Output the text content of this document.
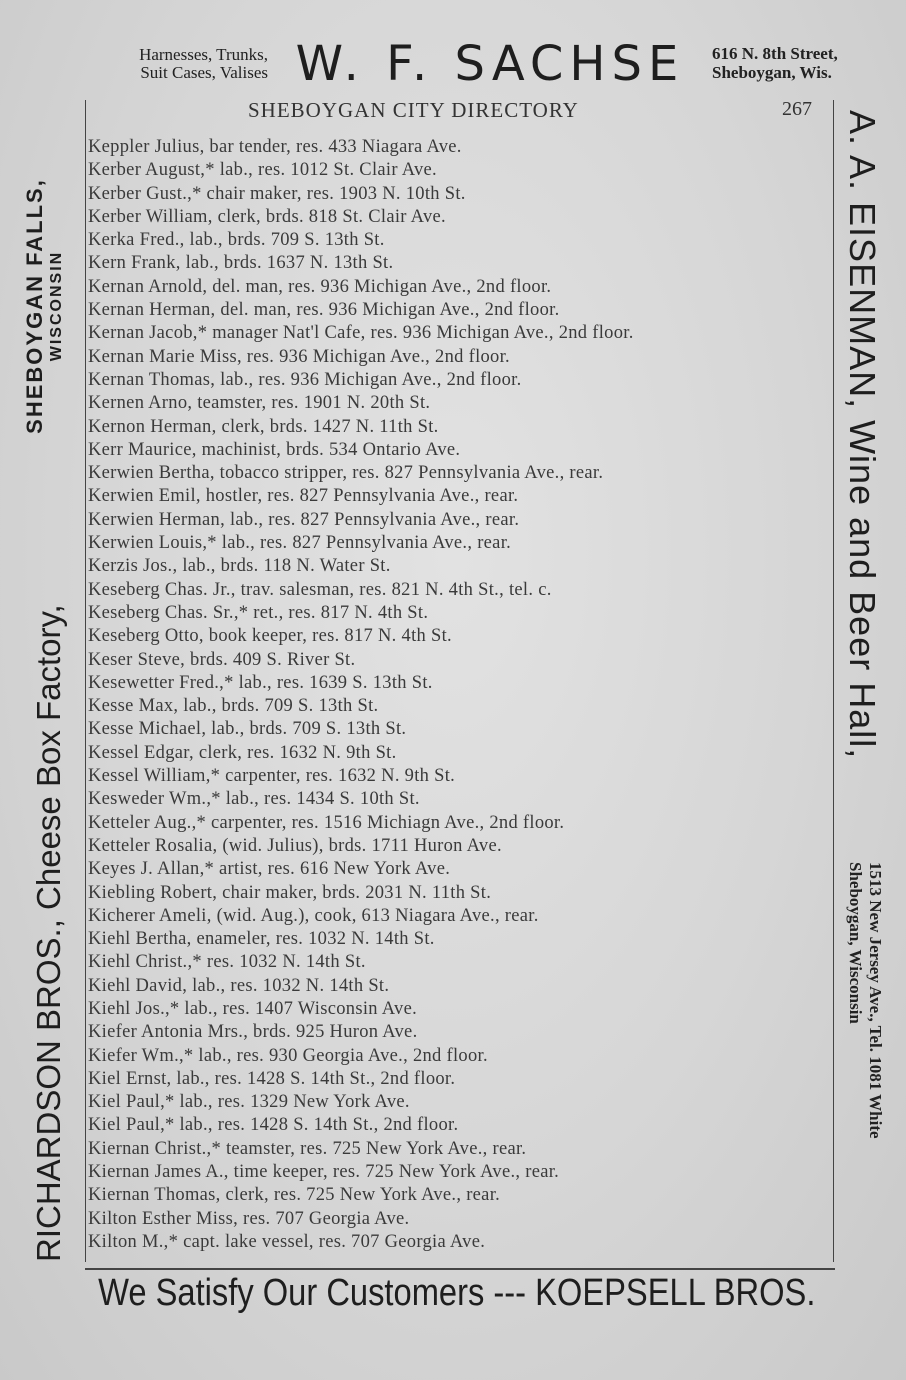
Harnesses, Trunks,
Suit Cases, Valises W. F. SACHSE	616 N. 8th Street,
Sheboygan, Wis.
SHEBOYGAN CITY DIRECTORY	267
RICHARDSON BROS., Cheese Box Factory,
SHEBOYGAN FALLS, WISCONSIN	A. A. EISENMAN, Wine and Beer Hall,
1513 New Jersey Ave., Tel. 1081 White
Sheboygan, Wisconsin
Keppler Julius, bar tender, res. 433 Niagara Ave.
Kerber August,* lab., res. 1012 St. Clair Ave.
Kerber Gust.,* chair maker, res. 1903 N. 10th St.
Kerber William, clerk, brds. 818 St. Clair Ave.
Kerka Fred., lab., brds. 709 S. 13th St.
Kern Frank, lab., brds. 1637 N. 13th St.
Kernan Arnold, del. man, res. 936 Michigan Ave., 2nd floor.
Kernan Herman, del. man, res. 936 Michigan Ave., 2nd floor.
Kernan Jacob,* manager Nat'l Cafe, res. 936 Michigan Ave., 2nd floor.
Kernan Marie Miss, res. 936 Michigan Ave., 2nd floor.
Kernan Thomas, lab., res. 936 Michigan Ave., 2nd floor.
Kernen Arno, teamster, res. 1901 N. 20th St.
Kernon Herman, clerk, brds. 1427 N. 11th St.
Kerr Maurice, machinist, brds. 534 Ontario Ave.
Kerwien Bertha, tobacco stripper, res. 827 Pennsylvania Ave., rear.
Kerwien Emil, hostler, res. 827 Pennsylvania Ave., rear.
Kerwien Herman, lab., res. 827 Pennsylvania Ave., rear.
Kerwien Louis,* lab., res. 827 Pennsylvania Ave., rear.
Kerzis Jos., lab., brds. 118 N. Water St.
Keseberg Chas. Jr., trav. salesman, res. 821 N. 4th St., tel. c.
Keseberg Chas. Sr.,* ret., res. 817 N. 4th St.
Keseberg Otto, book keeper, res. 817 N. 4th St.
Keser Steve, brds. 409 S. River St.
Kesewetter Fred.,* lab., res. 1639 S. 13th St.
Kesse Max, lab., brds. 709 S. 13th St.
Kesse Michael, lab., brds. 709 S. 13th St.
Kessel Edgar, clerk, res. 1632 N. 9th St.
Kessel William,* carpenter, res. 1632 N. 9th St.
Kesweder Wm.,* lab., res. 1434 S. 10th St.
Ketteler Aug.,* carpenter, res. 1516 Michiagn Ave., 2nd floor.
Ketteler Rosalia, (wid. Julius), brds. 1711 Huron Ave.
Keyes J. Allan,* artist, res. 616 New York Ave.
Kiebling Robert, chair maker, brds. 2031 N. 11th St.
Kicherer Ameli, (wid. Aug.), cook, 613 Niagara Ave., rear.
Kiehl Bertha, enameler, res. 1032 N. 14th St.
Kiehl Christ.,* res. 1032 N. 14th St.
Kiehl David, lab., res. 1032 N. 14th St.
Kiehl Jos.,* lab., res. 1407 Wisconsin Ave.
Kiefer Antonia Mrs., brds. 925 Huron Ave.
Kiefer Wm.,* lab., res. 930 Georgia Ave., 2nd floor.
Kiel Ernst, lab., res. 1428 S. 14th St., 2nd floor.
Kiel Paul,* lab., res. 1329 New York Ave.
Kiel Paul,* lab., res. 1428 S. 14th St., 2nd floor.
Kiernan Christ.,* teamster, res. 725 New York Ave., rear.
Kiernan James A., time keeper, res. 725 New York Ave., rear.
Kiernan Thomas, clerk, res. 725 New York Ave., rear.
Kilton Esther Miss, res. 707 Georgia Ave.
Kilton M.,* capt. lake vessel, res. 707 Georgia Ave.
We Satisfy Our Customers --- KOEPSELL BROS.
